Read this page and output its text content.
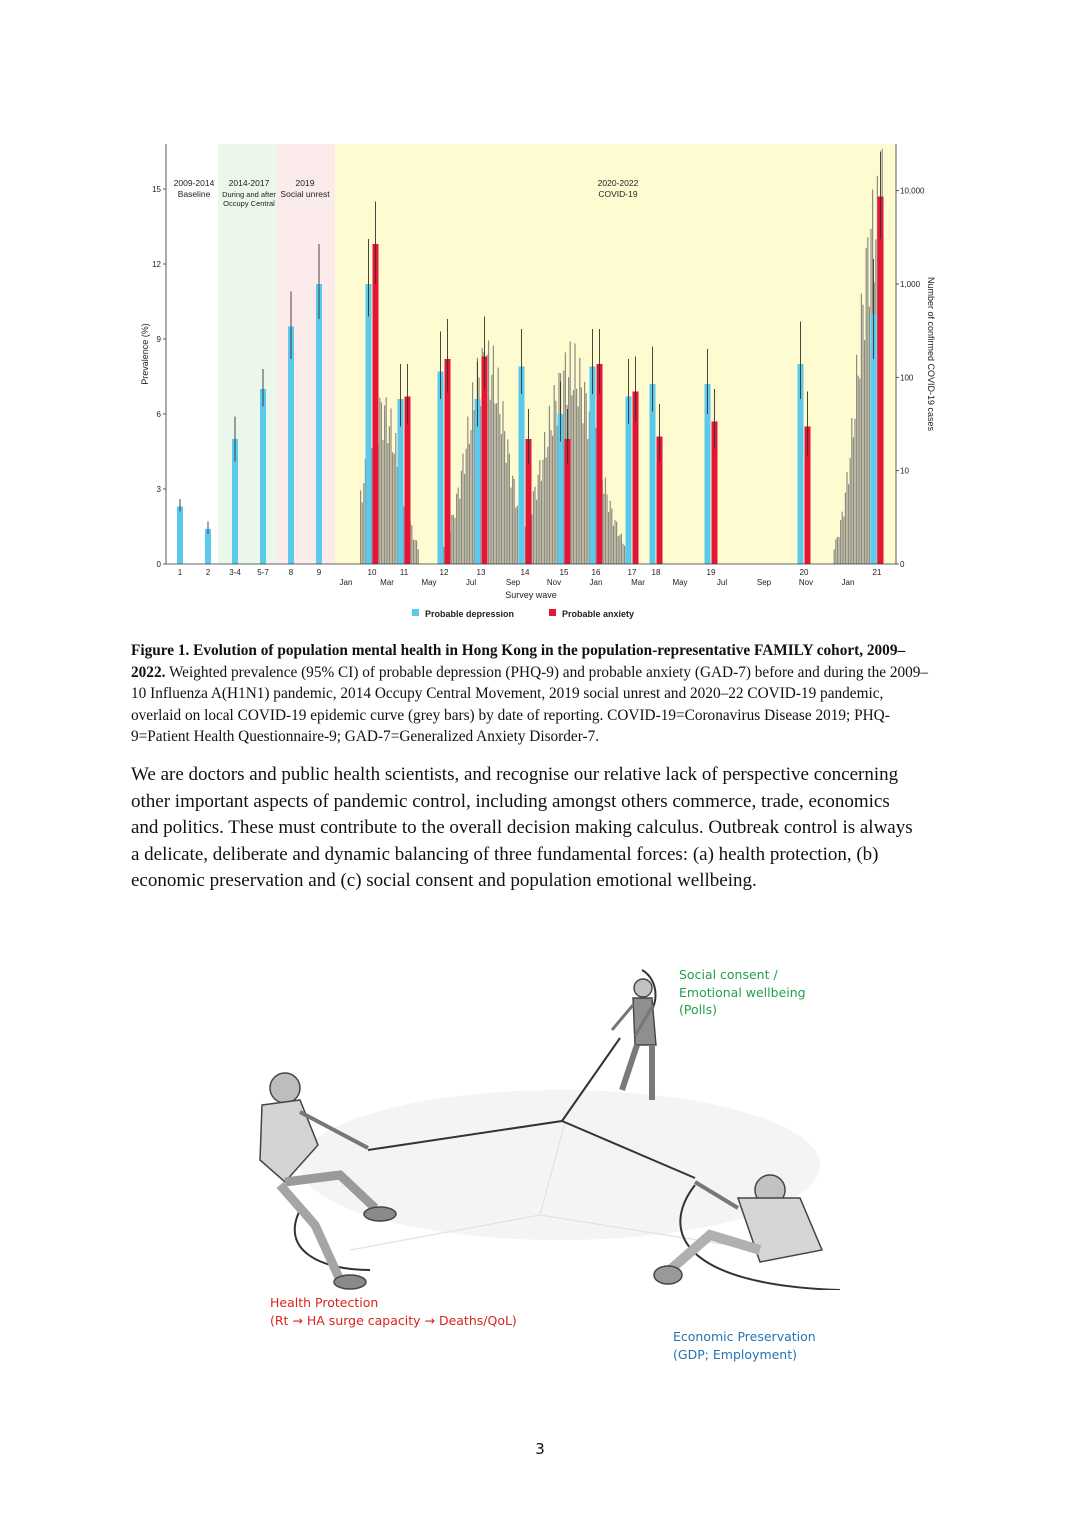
2009-2014
Baseline
2014-2017
During and after
Occupy Central
2019
Social unrest
2020-2022
COVID-19
0
3
6
9
12
15
0
10
100
1,000
10,000
Prevalence (%)	Number of confirmed COVID-19 cases
1	2	8	9	10	11	12	13	14	15	16	17 18	19	20	21
3-4 5-7
Jan	Mar	May	Jul	Sep	Nov	Jan	Mar	May	Jul	Sep	Nov	Jan
Survey wave
Probable depression	Probable anxiety
Figure 1. Evolution of population mental health in Hong Kong in the population-representative FAMILY cohort, 2009–2022. Weighted prevalence (95% CI) of probable depression (PHQ-9) and probable anxiety (GAD-7) before and during the 2009–10 Influenza A(H1N1) pandemic, 2014 Occupy Central Movement, 2019 social unrest and 2020–22 COVID-19 pandemic, overlaid on local COVID-19 epidemic curve (grey bars) by date of reporting. COVID-19=Coronavirus Disease 2019; PHQ-9=Patient Health Questionnaire-9; GAD-7=Generalized Anxiety Disorder-7.
We are doctors and public health scientists, and recognise our relative lack of perspective concerning other important aspects of pandemic control, including amongst others commerce, trade, economics and politics. These must contribute to the overall decision making calculus. Outbreak control is always a delicate, deliberate and dynamic balancing of three fundamental forces: (a) health protection, (b) economic preservation and (c) social consent and population emotional wellbeing.
Social consent /
Emotional wellbeing
(Polls)
Health Protection
(Rt → HA surge capacity → Deaths/QoL)
Economic Preservation
(GDP; Employment)
3
